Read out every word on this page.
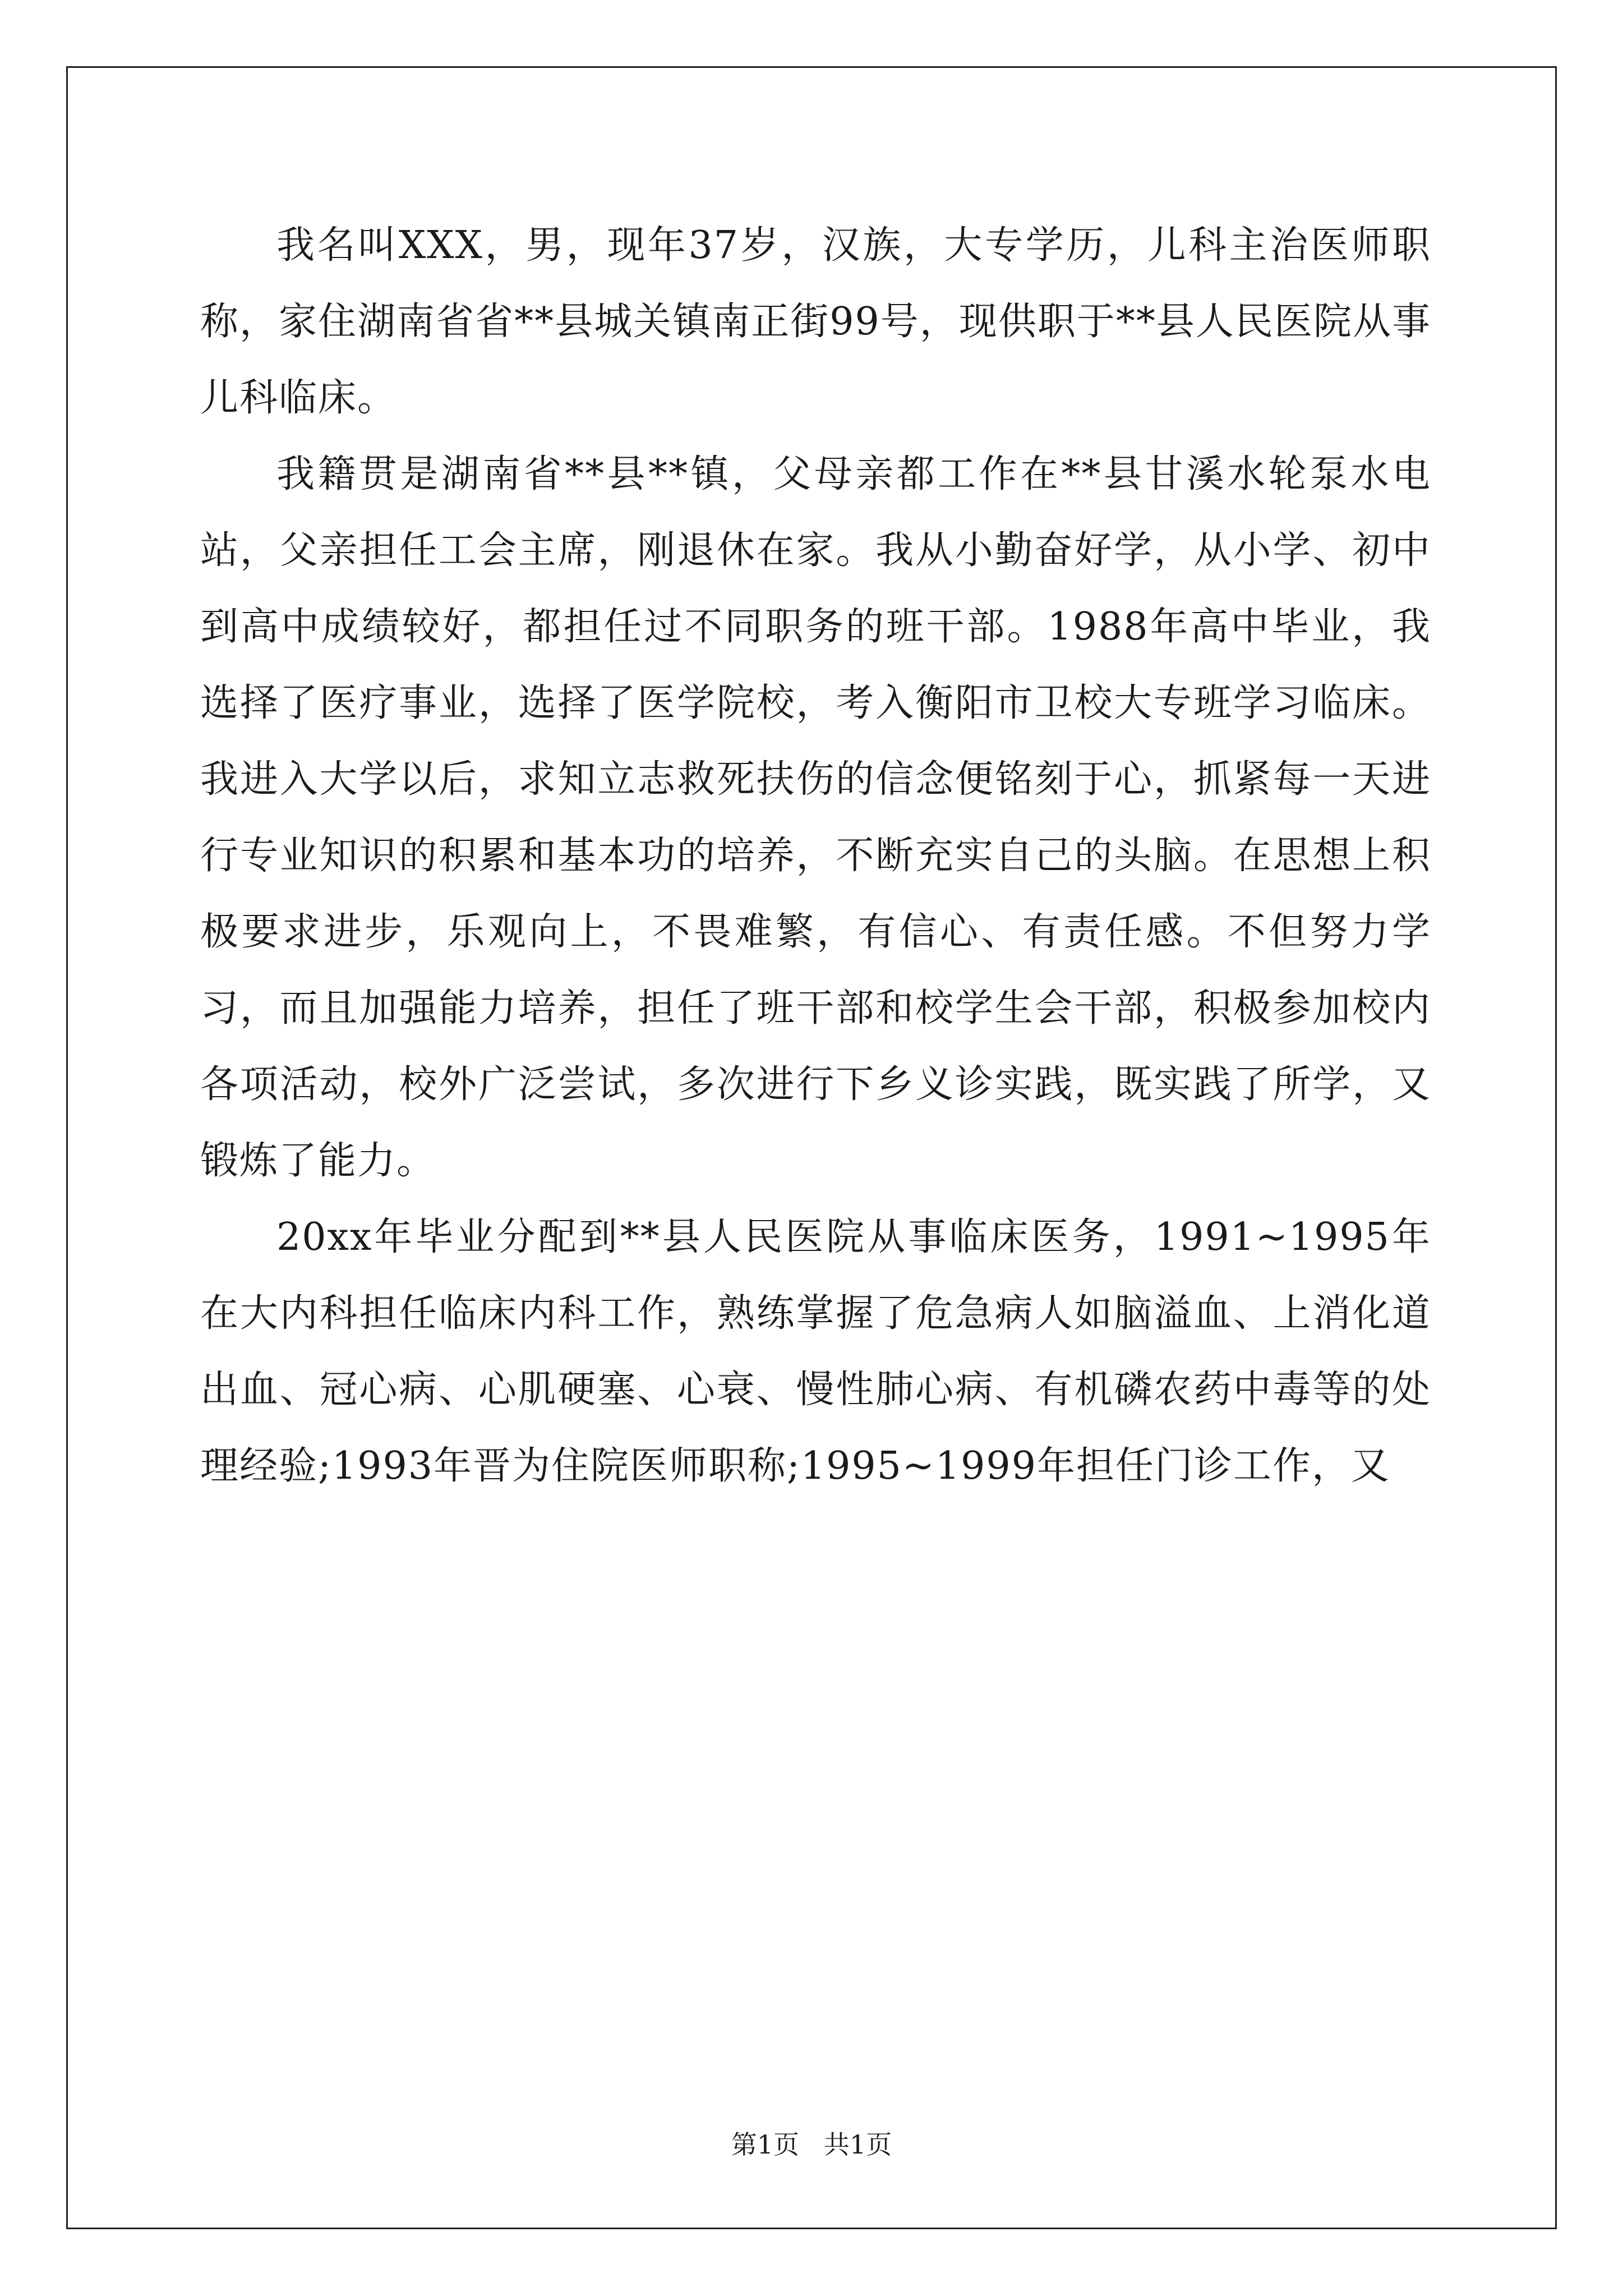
我名叫XXX，男，现年37岁，汉族，大专学历，儿科主治医师职称，家住湖南省省**县城关镇南正街99号，现供职于**县人民医院从事儿科临床。

我籍贯是湖南省**县**镇，父母亲都工作在**县甘溪水轮泵水电站，父亲担任工会主席，刚退休在家。我从小勤奋好学，从小学、初中到高中成绩较好，都担任过不同职务的班干部。1988年高中毕业，我选择了医疗事业，选择了医学院校，考入衡阳市卫校大专班学习临床。我进入大学以后，求知立志救死扶伤的信念便铭刻于心，抓紧每一天进行专业知识的积累和基本功的培养，不断充实自己的头脑。在思想上积极要求进步，乐观向上，不畏难繁，有信心、有责任感。不但努力学习，而且加强能力培养，担任了班干部和校学生会干部，积极参加校内各项活动，校外广泛尝试，多次进行下乡义诊实践，既实践了所学，又锻炼了能力。

20xx年毕业分配到**县人民医院从事临床医务，1991~1995年在大内科担任临床内科工作，熟练掌握了危急病人如脑溢血、上消化道出血、冠心病、心肌硬塞、心衰、慢性肺心病、有机磷农药中毒等的处理经验;1993年晋为住院医师职称;1995~1999年担任门诊工作，又

第1页   共1页
